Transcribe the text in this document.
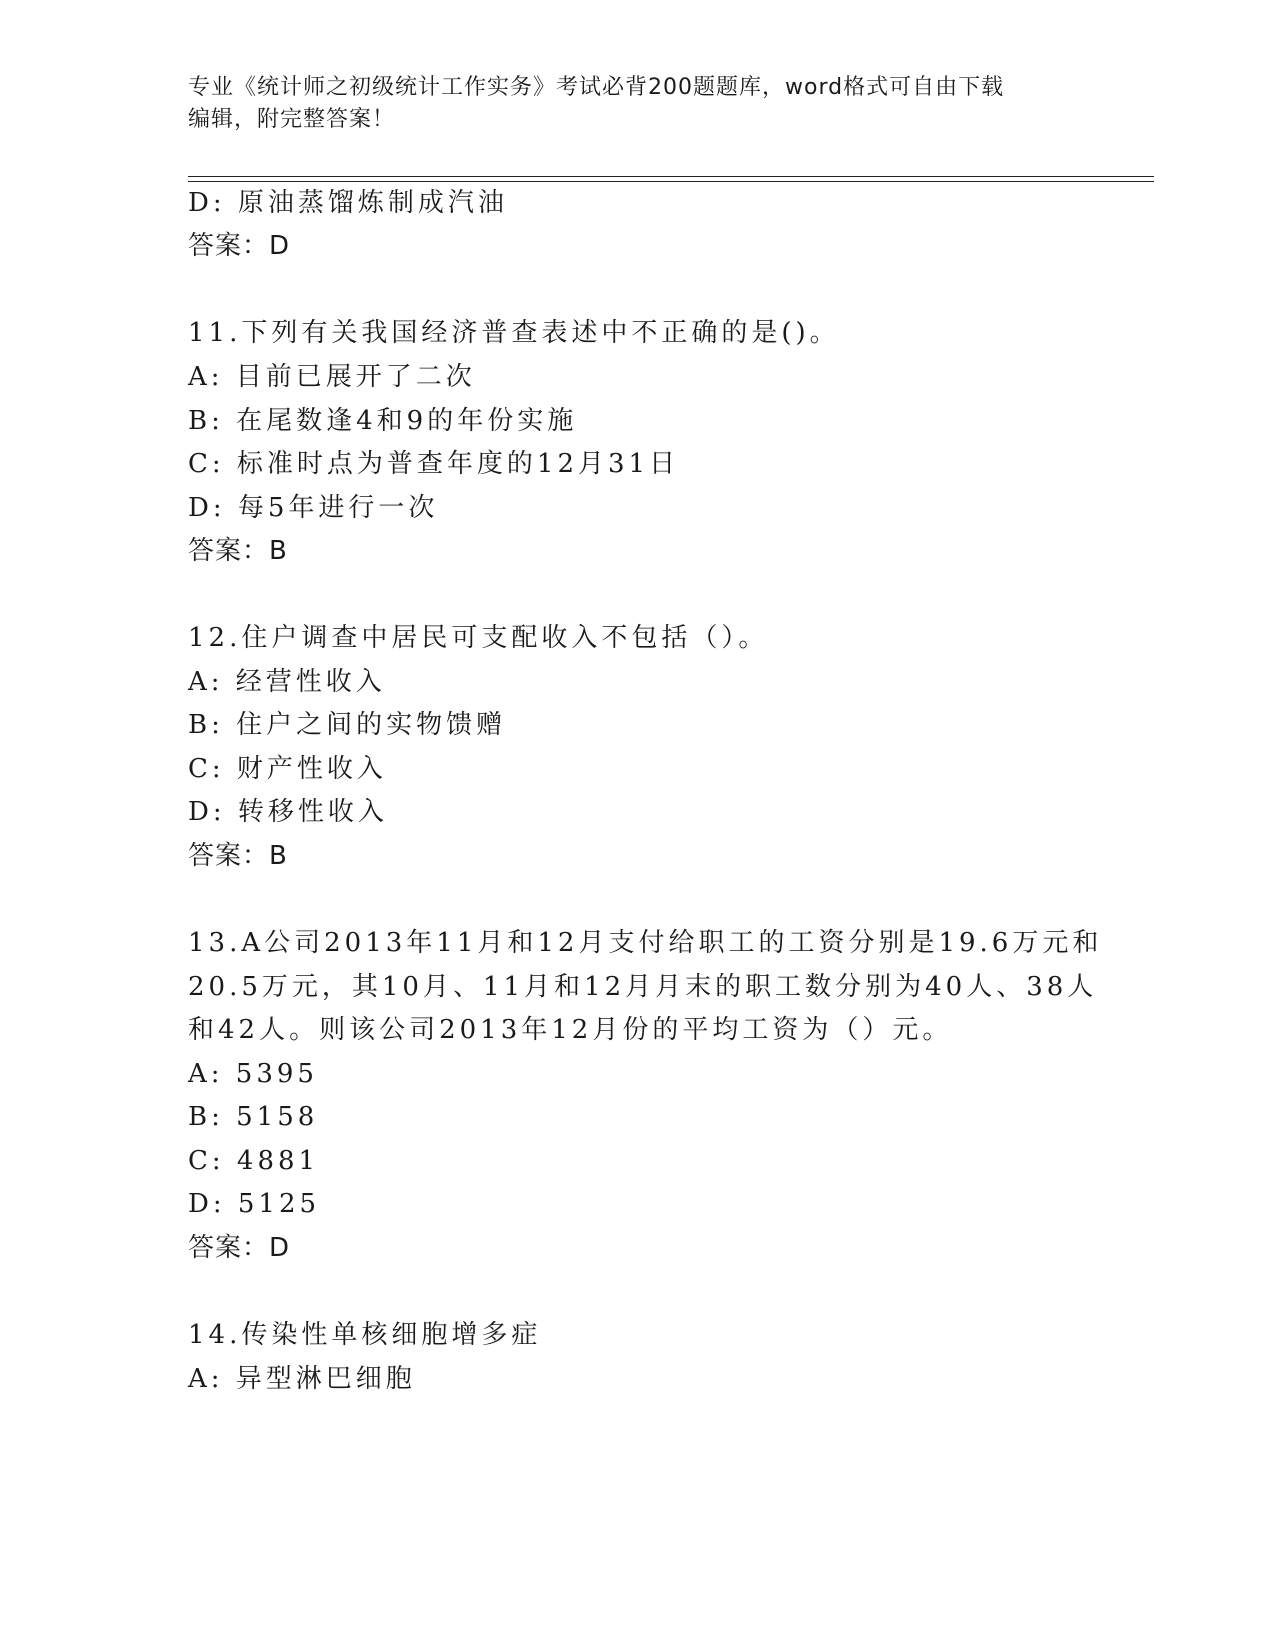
专业《统计师之初级统计工作实务》考试必背200题题库，word格式可自由下载
编辑，附完整答案！
D: 原油蒸馏炼制成汽油
答案：D
11.下列有关我国经济普查表述中不正确的是()。
A: 目前已展开了二次
B: 在尾数逢4和9的年份实施
C: 标准时点为普查年度的12月31日
D: 每5年进行一次
答案：B
12.住户调查中居民可支配收入不包括（）。
A: 经营性收入
B: 住户之间的实物馈赠
C: 财产性收入
D: 转移性收入
答案：B
13.A公司2013年11月和12月支付给职工的工资分别是19.6万元和
20.5万元，其10月、11月和12月月末的职工数分别为40人、38人
和42人。则该公司2013年12月份的平均工资为（）元。
A: 5395
B: 5158
C: 4881
D: 5125
答案：D
14.传染性单核细胞增多症
A: 异型淋巴细胞
